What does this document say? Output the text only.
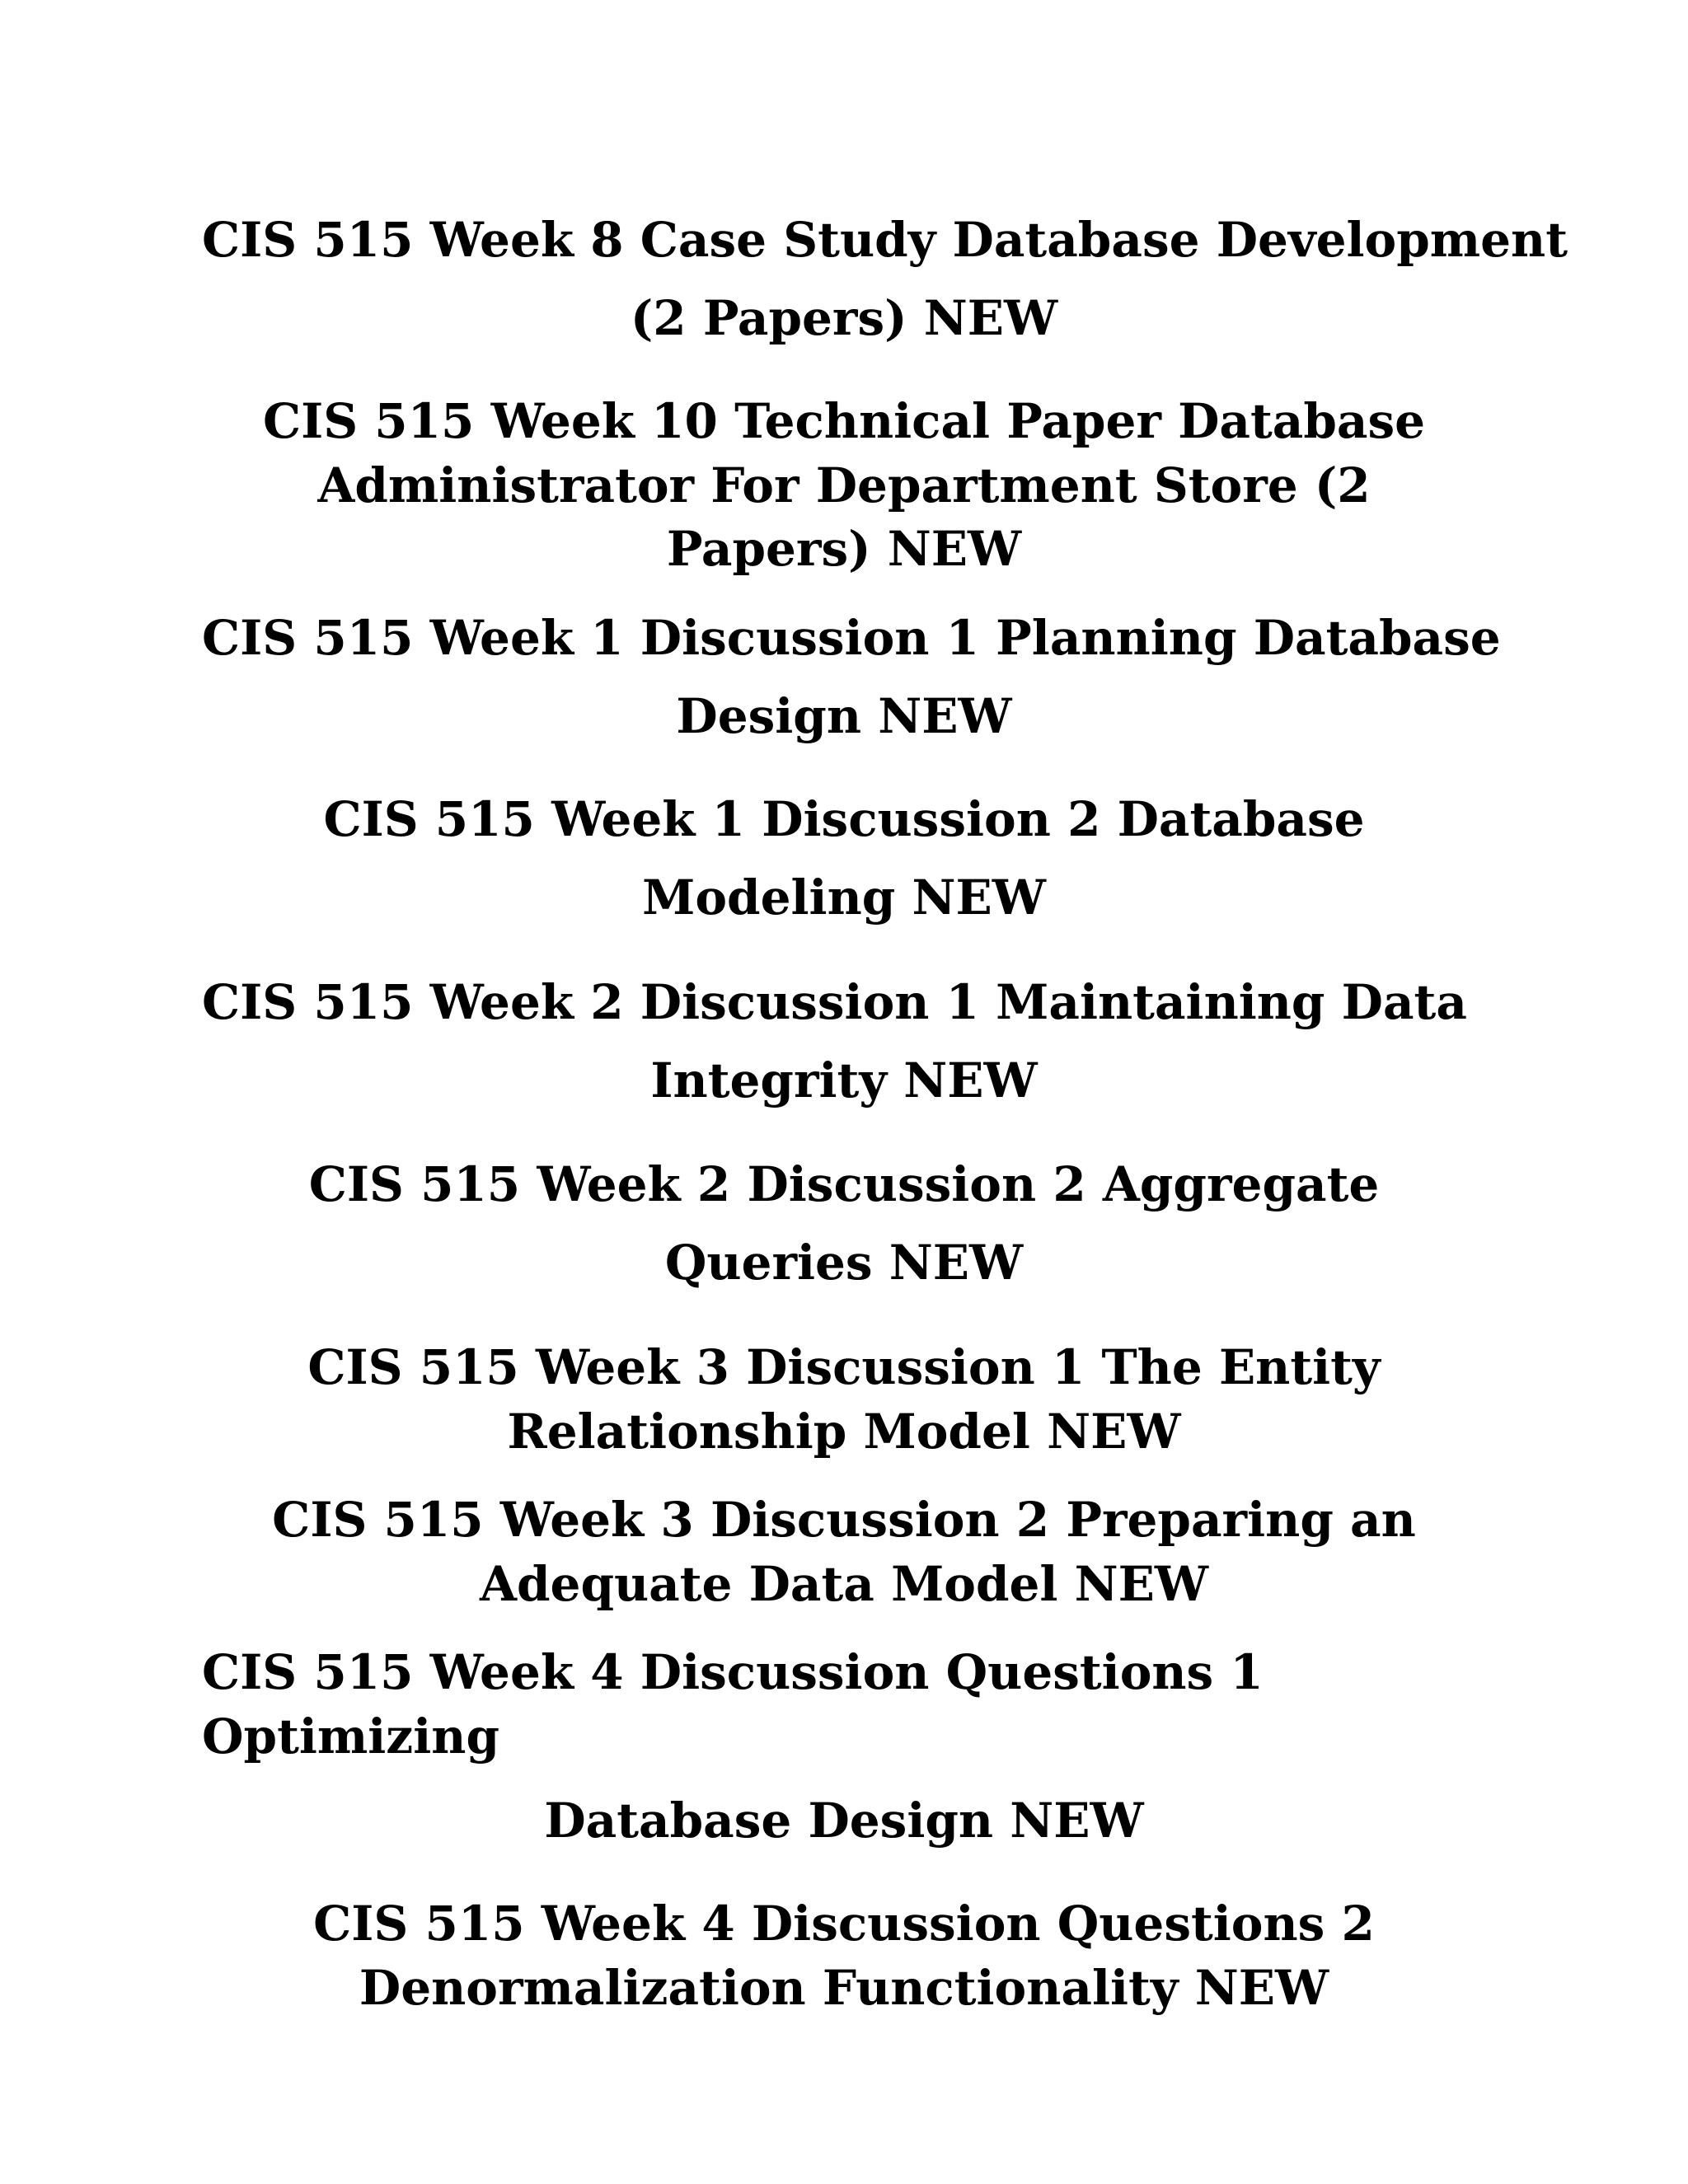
CIS 515 Week 8 Case Study Database Development

(2 Papers) NEW

CIS 515 Week 10 Technical Paper Database

Administrator For Department Store (2

Papers) NEW

CIS 515 Week 1 Discussion 1 Planning Database

Design NEW

CIS 515 Week 1 Discussion 2 Database

Modeling NEW

CIS 515 Week 2 Discussion 1 Maintaining Data

Integrity NEW

CIS 515 Week 2 Discussion 2 Aggregate

Queries NEW

CIS 515 Week 3 Discussion 1 The Entity

Relationship Model NEW

CIS 515 Week 3 Discussion 2 Preparing an

Adequate Data Model NEW

CIS 515 Week 4 Discussion Questions 1

Optimizing

Database Design NEW

CIS 515 Week 4 Discussion Questions 2

Denormalization Functionality NEW
